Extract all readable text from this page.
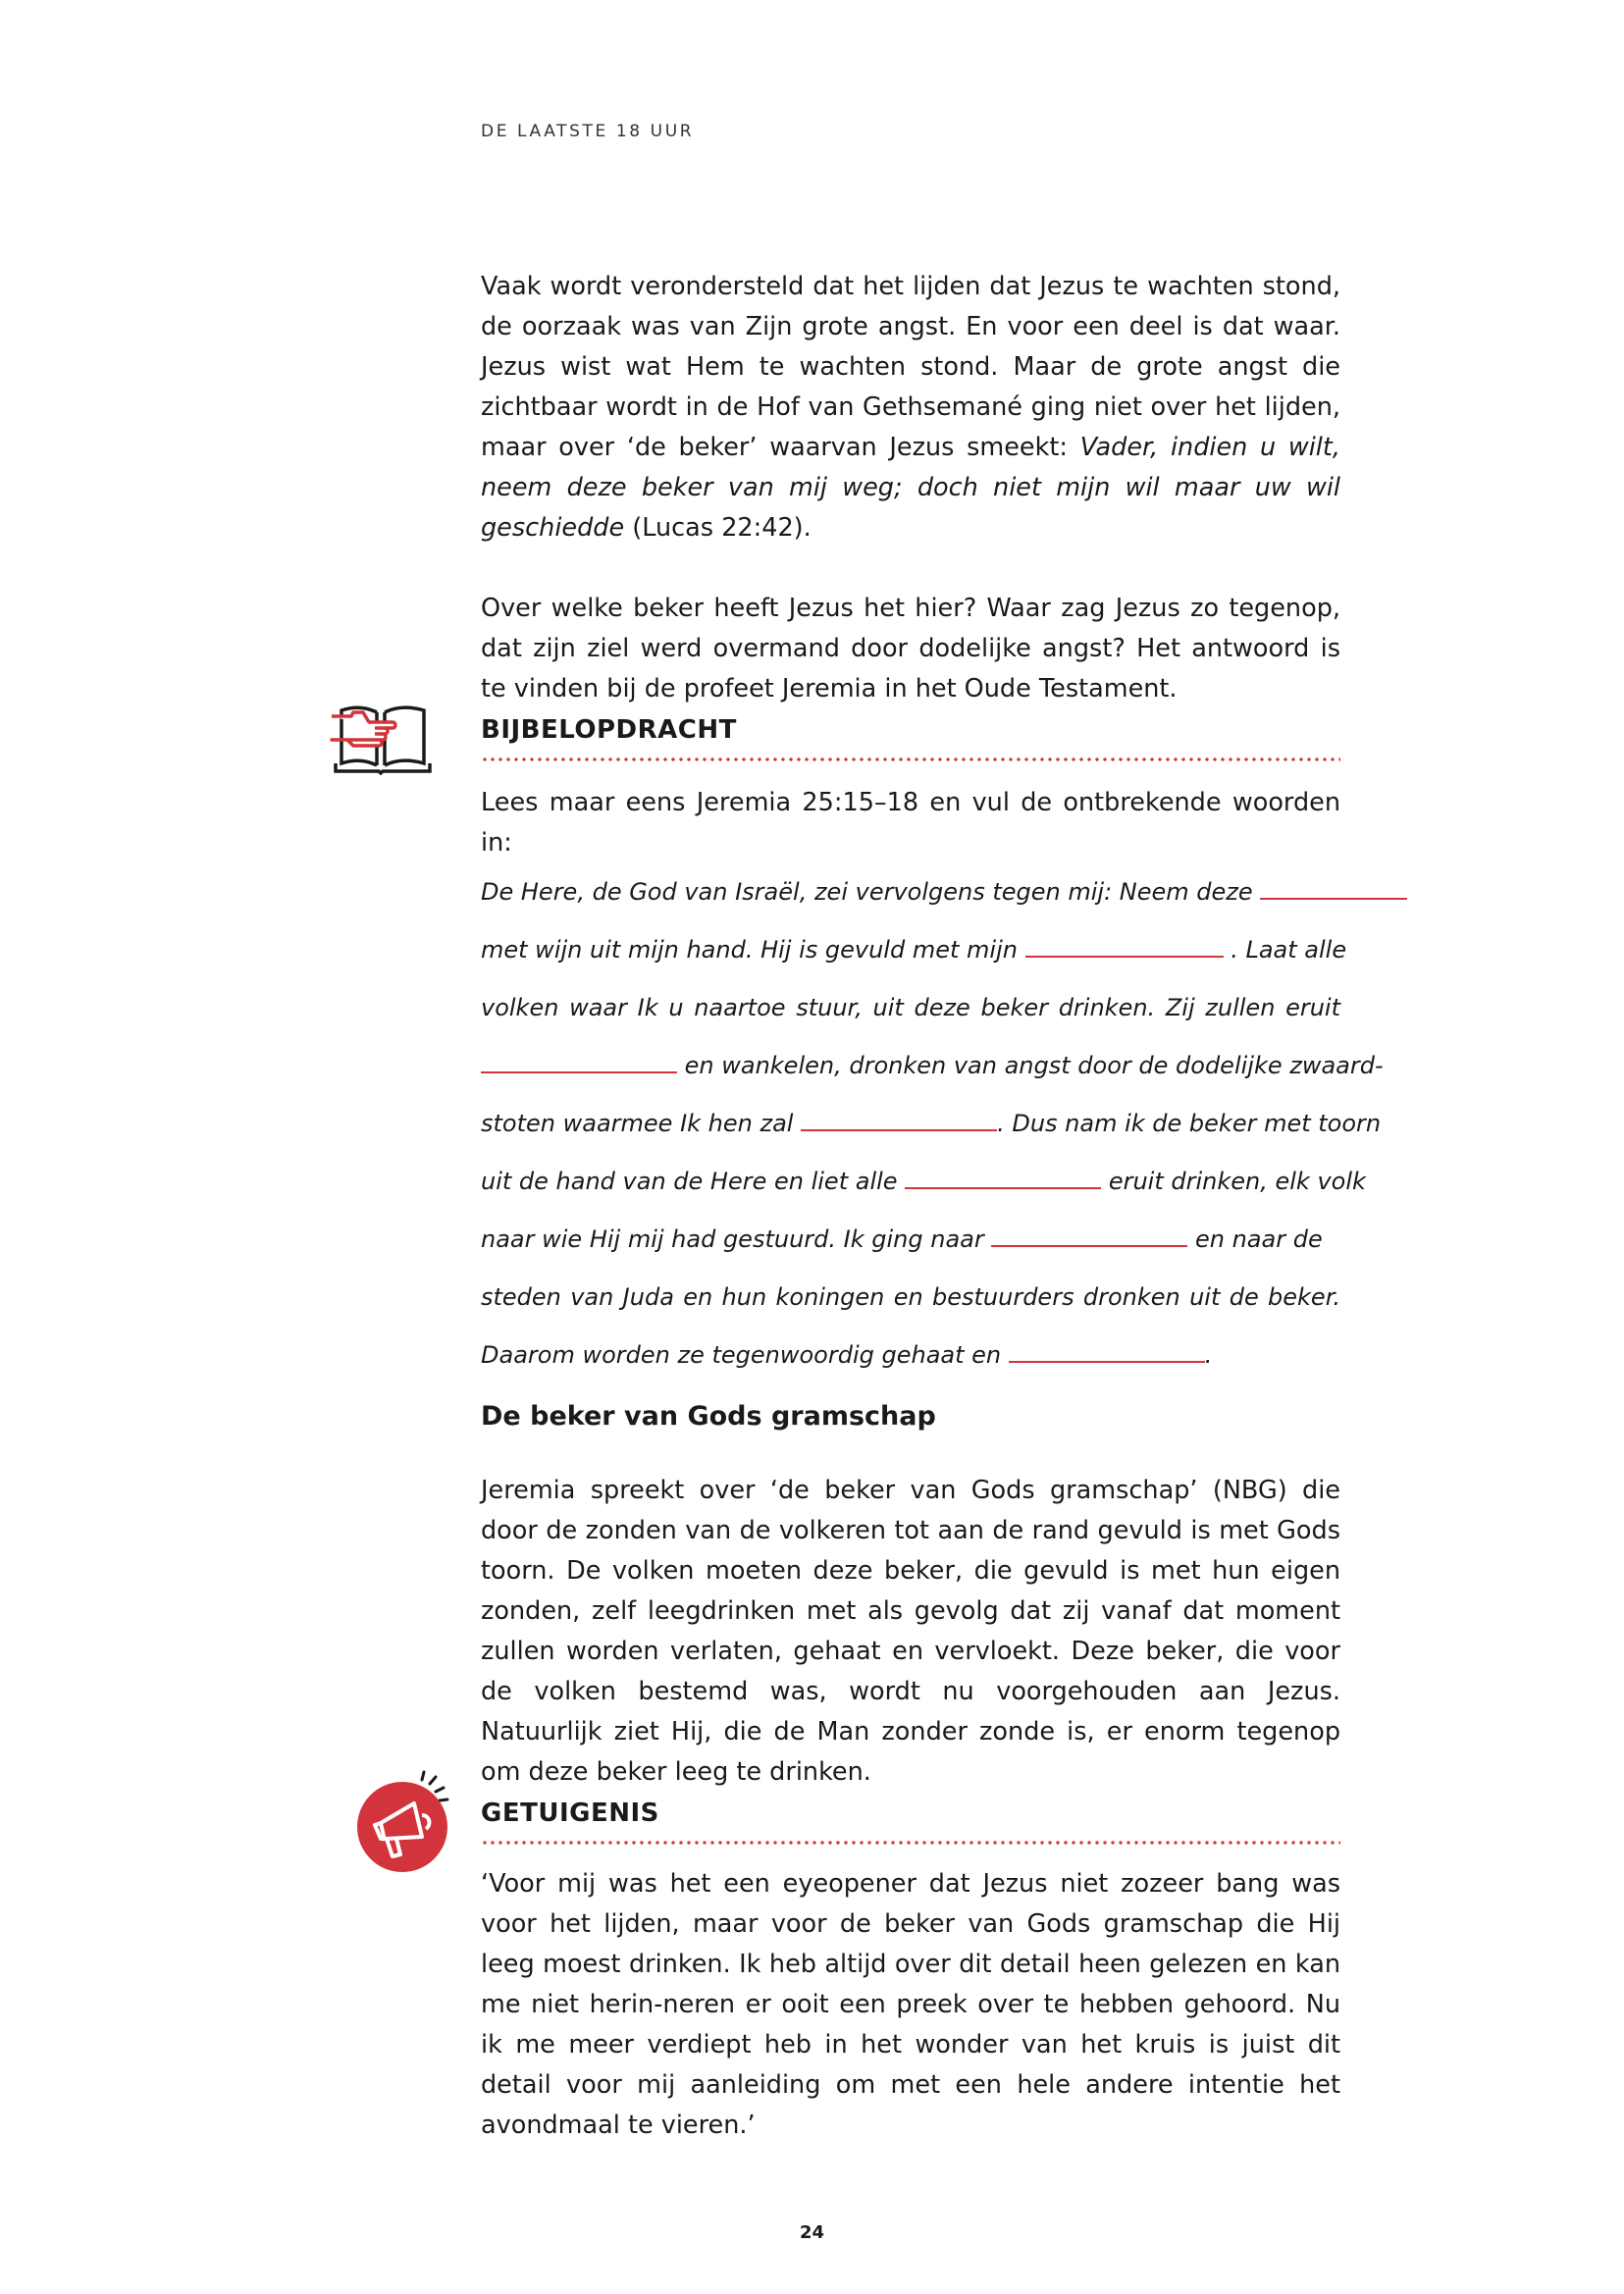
DE LAATSTE 18 UUR

Vaak wordt verondersteld dat het lijden dat Jezus te wachten stond, de oorzaak was van Zijn grote angst. En voor een deel is dat waar. Jezus wist wat Hem te wachten stond. Maar de grote angst die zichtbaar wordt in de Hof van Gethsemané ging niet over het lijden, maar over ‘de beker’ waarvan Jezus smeekt: Vader, indien u wilt, neem deze beker van mij weg; doch niet mijn wil maar uw wil geschiedde (Lucas 22:42).

Over welke beker heeft Jezus het hier? Waar zag Jezus zo tegenop, dat zijn ziel werd overmand door dodelijke angst? Het antwoord is te vinden bij de profeet Jeremia in het Oude Testament.

BIJBELOPDRACHT

Lees maar eens Jeremia 25:15–18 en vul de ontbrekende woorden in:

De Here, de God van Israël, zei vervolgens tegen mij: Neem deze
met wijn uit mijn hand. Hij is gevuld met mijn	. Laat alle
volken waar Ik u naartoe stuur, uit deze beker drinken. Zij zullen eruit
en wankelen, dronken van angst door de dodelijke zwaard-
stoten waarmee Ik hen zal	. Dus nam ik de beker met toorn
uit de hand van de Here en liet alle	eruit drinken, elk volk
naar wie Hij mij had gestuurd. Ik ging naar	en naar de
steden van Juda en hun koningen en bestuurders dronken uit de beker.
Daarom worden ze tegenwoordig gehaat en	.
De beker van Gods gramschap

Jeremia spreekt over ‘de beker van Gods gramschap’ (NBG) die door de zonden van de volkeren tot aan de rand gevuld is met Gods toorn. De volken moeten deze beker, die gevuld is met hun eigen zonden, zelf leegdrinken met als gevolg dat zij vanaf dat moment zullen worden verlaten, gehaat en vervloekt. Deze beker, die voor de volken bestemd was, wordt nu voorgehouden aan Jezus. Natuurlijk ziet Hij, die de Man zonder zonde is, er enorm tegenop om deze beker leeg te drinken.

GETUIGENIS

‘Voor mij was het een eyeopener dat Jezus niet zozeer bang was voor het lijden, maar voor de beker van Gods gramschap die Hij leeg moest drinken. Ik heb altijd over dit detail heen gelezen en kan me niet herin-neren er ooit een preek over te hebben gehoord. Nu ik me meer verdiept heb in het wonder van het kruis is juist dit detail voor mij aanleiding om met een hele andere intentie het avondmaal te vieren.’

24
